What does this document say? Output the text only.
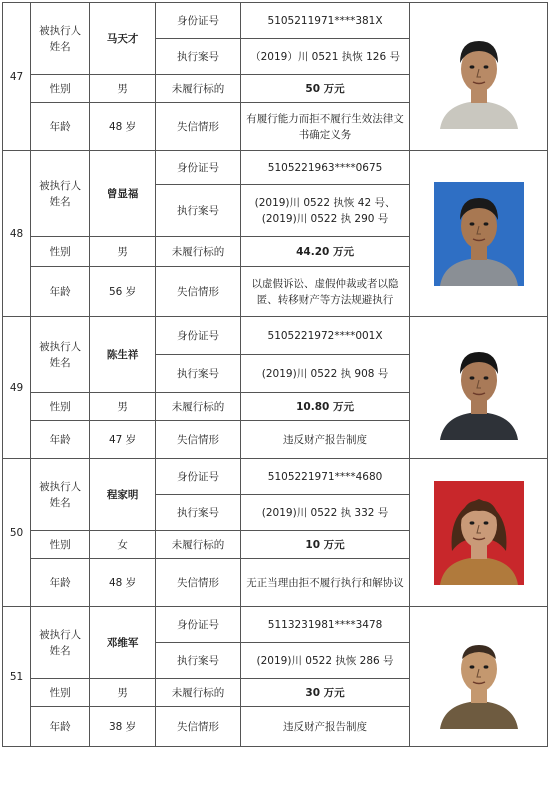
47	被执行人姓名	马天才	身份证号	5105211971****381X	

			执行案号	（2019）川 0521 执恢 126 号	
	性别	男	未履行标的	50 万元	
	年龄	48 岁	失信情形	有履行能力而拒不履行生效法律文书确定义务	
48	被执行人姓名	曾显福	身份证号	5105221963****0675	

			执行案号	(2019)川 0522 执恢 42 号、(2019)川 0522 执 290 号	
	性别	男	未履行标的	44.20 万元	
	年龄	56 岁	失信情形	以虚假诉讼、虚假仲裁或者以隐匿、转移财产等方法规避执行	
49	被执行人姓名	陈生祥	身份证号	5105221972****001X	

			执行案号	(2019)川 0522 执 908 号	
	性别	男	未履行标的	10.80 万元	
	年龄	47 岁	失信情形	违反财产报告制度	
50	被执行人姓名	程家明	身份证号	5105221971****4680	

			执行案号	(2019)川 0522 执 332 号	
	性别	女	未履行标的	10 万元	
	年龄	48 岁	失信情形	无正当理由拒不履行执行和解协议	
51	被执行人姓名	邓维军	身份证号	5113231981****3478	

			执行案号	(2019)川 0522 执恢 286 号	
	性别	男	未履行标的	30 万元	
	年龄	38 岁	失信情形	违反财产报告制度	
